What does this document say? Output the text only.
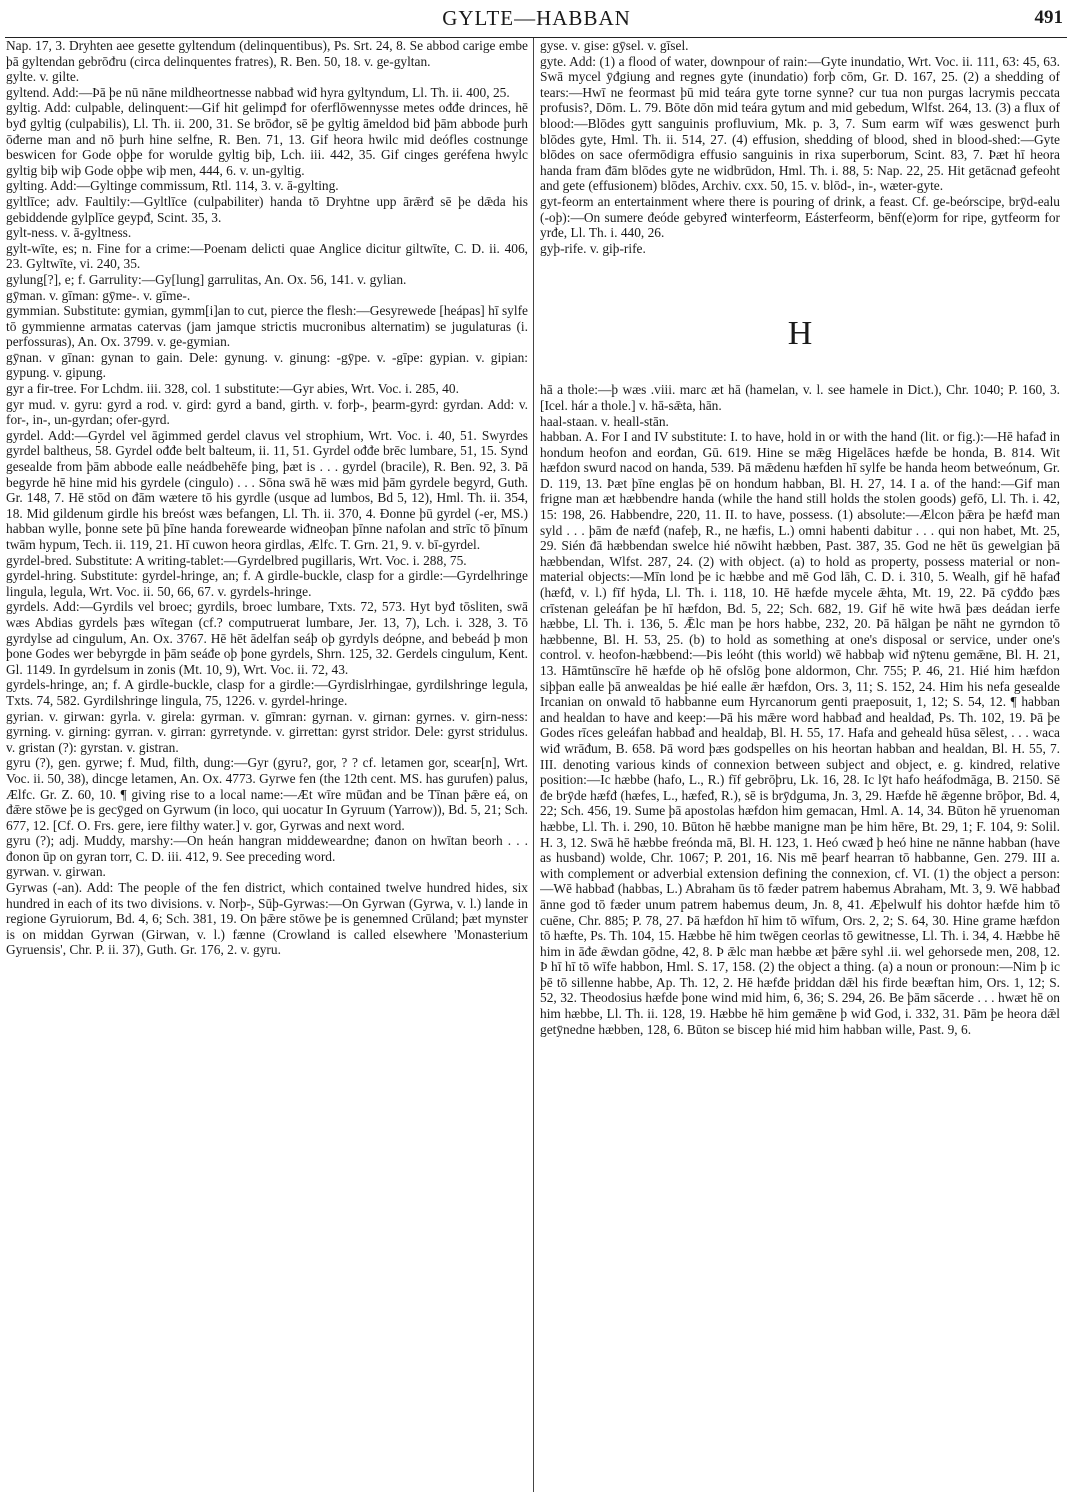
GYLTE—HABBAN	491

Nap. 17, 3. Dryhten aee gesette gyltendum (delinquentibus), Ps. Srt. 24, 8. Se abbod carige embe þā gyltendan gebrōđru (circa delinquentes fratres), R. Ben. 50, 18. v. ge-gyltan.

gylte. v. gilte.

gyltend. Add:—Þā þe nū nāne mildheortnesse nabbađ wiđ hyra gyltyndum, Ll. Th. ii. 400, 25.

gyltig. Add: culpable, delinquent:—Gif hit gelimpđ for oferflōwennysse metes ođđe drinces, hē byđ gyltig (culpabilis), Ll. Th. ii. 200, 31. Se brōđor, sē þe gyltig āmeldod biđ þām abbode þurh ōđerne man and nō þurh hine selfne, R. Ben. 71, 13. Gif heora hwilc mid deófles costnunge beswicen for Gode oþþe for worulde gyltig biþ, Lch. iii. 442, 35. Gif cinges geréfena hwylc gyltig biþ wiþ Gode oþþe wiþ men, 444, 6. v. un-gyltig.

gylting. Add:—Gyltinge commissum, Rtl. 114, 3. v. ā-gylting.

gyltlīce; adv. Faultily:—Gyltlīce (culpabiliter) handa tō Dryhtne upp ārǣrđ sē þe dǣda his gebiddende gylplīce geypđ, Scint. 35, 3.

gylt-ness. v. ā-gyltness.

gylt-wīte, es; n. Fine for a crime:—Poenam delicti quae Anglice dicitur giltwīte, C. D. ii. 406, 23. Gyltwīte, vi. 240, 35.

gylung[?], e; f. Garrulity:—Gy[lung] garrulitas, An. Ox. 56, 141. v. gylian.

gȳman. v. gīman: gȳme-. v. gīme-.

gymmian. Substitute: gymian, gymm[i]an to cut, pierce the flesh:—Gesyrewede [heápas] hī sylfe tō gymmienne armatas catervas (jam jamque strictis mucronibus alternatim) se jugulaturas (i. perfossuras), An. Ox. 3799. v. ge-gymian.

gȳnan. v gīnan: gynan to gain. Dele: gynung. v. ginung: -gȳpe. v. -gīpe: gypian. v. gipian: gypung. v. gipung.

gyr a fir-tree. For Lchdm. iii. 328, col. 1 substitute:—Gyr abies, Wrt. Voc. i. 285, 40.

gyr mud. v. gyru: gyrd a rod. v. gird: gyrd a band, girth. v. forþ-, þearm-gyrd: gyrdan. Add: v. for-, in-, un-gyrdan; ofer-gyrd.

gyrdel. Add:—Gyrdel vel āgimmed gerdel clavus vel strophium, Wrt. Voc. i. 40, 51. Swyrdes gyrdel baltheus, 58. Gyrdel ođđe belt balteum, ii. 11, 51. Gyrdel ođđe brēc lumbare, 51, 15. Synd gesealde from þām abbode ealle neádbehēfe þing, þæt is . . . gyrdel (bracile), R. Ben. 92, 3. Þā begyrde hē hine mid his gyrdele (cingulo) . . . Sōna swā hē wæs mid þām gyrdele begyrd, Guth. Gr. 148, 7. Hē stōd on đām wætere tō his gyrdle (usque ad lumbos, Bd 5, 12), Hml. Th. ii. 354, 18. Mid gildenum girdle his breóst wæs befangen, Ll. Th. ii. 370, 4. Đonne þū gyrdel (-er, MS.) habban wylle, þonne sete þū þīne handa forewearde wiđneoþan þīnne nafolan and strīc tō þīnum twām hypum, Tech. ii. 119, 21. Hī cuwon heora girdlas, Ælfc. T. Grn. 21, 9. v. bī-gyrdel.

gyrdel-bred. Substitute: A writing-tablet:—Gyrdelbred pugillaris, Wrt. Voc. i. 288, 75.

gyrdel-hring. Substitute: gyrdel-hringe, an; f. A girdle-buckle, clasp for a girdle:—Gyrdelhringe lingula, legula, Wrt. Voc. ii. 50, 66, 67. v. gyrdels-hringe.

gyrdels. Add:—Gyrdils vel broec; gyrdils, broec lumbare, Txts. 72, 573. Hyt byđ tōsliten, swā wæs Abdias gyrdels þæs wītegan (cf.? computruerat lumbare, Jer. 13, 7), Lch. i. 328, 3. Tō gyrdylse ad cingulum, An. Ox. 3767. Hē hēt ādelfan seáþ oþ gyrdyls deópne, and bebeád þ mon þone Godes wer bebyrgde in þām seáđe oþ þone gyrdels, Shrn. 125, 32. Gerdels cingulum, Kent. Gl. 1149. In gyrdelsum in zonis (Mt. 10, 9), Wrt. Voc. ii. 72, 43.

gyrdels-hringe, an; f. A girdle-buckle, clasp for a girdle:—Gyrdislrhingae, gyrdilshringe legula, Txts. 74, 582. Gyrdilshringe lingula, 75, 1226. v. gyrdel-hringe.

gyrian. v. girwan: gyrla. v. girela: gyrman. v. gīmran: gyrnan. v. girnan: gyrnes. v. girn-ness: gyrning. v. girning: gyrran. v. girran: gyrretynde. v. girrettan: gyrst stridor. Dele: gyrst stridulus. v. gristan (?): gyrstan. v. gistran.

gyru (?), gen. gyrwe; f. Mud, filth, dung:—Gyr (gyru?, gor, ? ? cf. letamen gor, scear[n], Wrt. Voc. ii. 50, 38), dincge letamen, An. Ox. 4773. Gyrwe fen (the 12th cent. MS. has gurufen) palus, Ælfc. Gr. Z. 60, 10. ¶ giving rise to a local name:—Æt wīre mūđan and be Tīnan þǣre eá, on đǣre stōwe þe is gecȳged on Gyrwum (in loco, qui uocatur In Gyruum (Yarrow)), Bd. 5, 21; Sch. 677, 12. [Cf. O. Frs. gere, iere filthy water.] v. gor, Gyrwas and next word.

gyru (?); adj. Muddy, marshy:—On heán hangran middeweardne; đanon on hwītan beorh . . . đonon ūp on gyran torr, C. D. iii. 412, 9. See preceding word.

gyrwan. v. girwan.

Gyrwas (-an). Add: The people of the fen district, which contained twelve hundred hides, six hundred in each of its two divisions. v. Norþ-, Sūþ-Gyrwas:—On Gyrwan (Gyrwa, v. l.) lande in regione Gyruiorum, Bd. 4, 6; Sch. 381, 19. On þǣre stōwe þe is genemned Crūland; þæt mynster is on middan Gyrwan (Girwan, v. l.) fænne (Crowland is called elsewhere 'Monasterium Gyruensis', Chr. P. ii. 37), Guth. Gr. 176, 2. v. gyru.

gyse. v. gise: gȳsel. v. gīsel.

gyte. Add: (1) a flood of water, downpour of rain:—Gyte inundatio, Wrt. Voc. ii. 111, 63: 45, 63. Swā mycel ȳđgiung and regnes gyte (inundatio) forþ cōm, Gr. D. 167, 25. (2) a shedding of tears:—Hwī ne feormast þū mid teára gyte torne synne? cur tua non purgas lacrymis peccata profusis?, Dōm. L. 79. Bōte dōn mid teára gytum and mid gebedum, Wlfst. 264, 13. (3) a flux of blood:—Blōdes gytt sanguinis profluvium, Mk. p. 3, 7. Sum earm wīf wæs geswenct þurh blōdes gyte, Hml. Th. ii. 514, 27. (4) effusion, shedding of blood, shed in blood-shed:—Gyte blōdes on sace ofermōdigra effusio sanguinis in rixa superborum, Scint. 83, 7. Þæt hī heora handa fram đām blōdes gyte ne widbrūdon, Hml. Th. i. 88, 5: Nap. 22, 25. Hit getācnađ gefeoht and gete (effusionem) blōdes, Archiv. cxx. 50, 15. v. blōd-, in-, wæter-gyte.

gyt-feorm an entertainment where there is pouring of drink, a feast. Cf. ge-beórscipe, brȳd-ealu (-oþ):—On sumere đeóde gebyređ winterfeorm, Eásterfeorm, bēnf(e)orm for ripe, gytfeorm for yrđe, Ll. Th. i. 440, 26.

gyþ-rife. v. giþ-rife.

H

hā a thole:—þ wæs .viii. marc æt hā (hamelan, v. l. see hamele in Dict.), Chr. 1040; P. 160, 3. [Icel. hár a thole.] v. hā-sǣta, hān.

haal-staan. v. heall-stān.

habban. A. For I and IV substitute: I. to have, hold in or with the hand (lit. or fig.):—Hē hafađ in hondum heofon and eorđan, Gū. 619. Hine se mǣg Higelāces hæfde be honda, B. 814. Wit hæfdon swurd nacod on handa, 539. Þā mǣdenu hæfden hī sylfe be handa heom betweónum, Gr. D. 119, 13. Þæt þīne englas þē on hondum habban, Bl. H. 27, 14. I a. of the hand:—Gif man frigne man æt hæbbendre handa (while the hand still holds the stolen goods) gefō, Ll. Th. i. 42, 15: 198, 26. Habbendre, 220, 11. II. to have, possess. (1) absolute:—Ælcon þǣra þe hæfđ man syld . . . þām đe næfđ (nafeþ, R., ne hæfis, L.) omni habenti dabitur . . . qui non habet, Mt. 25, 29. Sién đā hæbbendan swelce hié nōwiht hæbben, Past. 387, 35. God ne hēt ūs gewelgian þā hæbbendan, Wlfst. 287, 24. (2) with object. (a) to hold as property, possess material or non-material objects:—Mīn lond þe ic hæbbe and mē God lāh, C. D. i. 310, 5. Wealh, gif hē hafađ (hæfđ, v. l.) fīf hȳda, Ll. Th. i. 118, 10. Hē hæfde mycele ǣhta, Mt. 19, 22. Þā cȳđđo þæs crīstenan geleáfan þe hī hæfdon, Bd. 5, 22; Sch. 682, 19. Gif hē wite hwā þæs deádan ierfe hæbbe, Ll. Th. i. 136, 5. Ǣlc man þe hors habbe, 232, 20. Þā hālgan þe nāht ne gyrndon tō hæbbenne, Bl. H. 53, 25. (b) to hold as something at one's disposal or service, under one's control. v. heofon-hæbbend:—Þis leóht (this world) wē habbaþ wiđ nȳtenu gemǣne, Bl. H. 21, 13. Hāmtūnscīre hē hæfde oþ hē ofslōg þone aldormon, Chr. 755; P. 46, 21. Hié him hæfdon siþþan ealle þā anwealdas þe hié ealle ǣr hæfdon, Ors. 3, 11; S. 152, 24. Him his nefa gesealde Ircanian on onwald tō habbanne eum Hyrcanorum genti praeposuit, 1, 12; S. 54, 12. ¶ habban and healdan to have and keep:—Þā his mǣre word habbađ and healdađ, Ps. Th. 102, 19. Þā þe Godes rīces geleáfan habbađ and healdaþ, Bl. H. 55, 17. Hafa and geheald hūsa sēlest, . . . waca wiđ wrāđum, B. 658. Þā word þæs godspelles on his heortan habban and healdan, Bl. H. 55, 7. III. denoting various kinds of connexion between subject and object, e. g. kindred, relative position:—Ic hæbbe (hafo, L., R.) fīf gebrōþru, Lk. 16, 28. Ic lȳt hafo heáfodmāga, B. 2150. Sē đe brȳde hæfđ (hæfes, L., hæfeđ, R.), sē is brȳdguma, Jn. 3, 29. Hæfde hē ǣgenne brōþor, Bd. 4, 22; Sch. 456, 19. Sume þā apostolas hæfdon him gemacan, Hml. A. 14, 34. Būton hē yruenoman hæbbe, Ll. Th. i. 290, 10. Būton hē hæbbe manigne man þe him hēre, Bt. 29, 1; F. 104, 9: Solil. H. 3, 12. Swā hē hæbbe freónda mā, Bl. H. 123, 1. Heó cwæđ þ heó hine ne nānne habban (have as husband) wolde, Chr. 1067; P. 201, 16. Nis mē þearf hearran tō habbanne, Gen. 279. III a. with complement or adverbial extension defining the connexion, cf. VI. (1) the object a person:—Wē habbađ (habbas, L.) Abraham ūs tō fæder patrem habemus Abraham, Mt. 3, 9. Wē habbađ ānne god tō fæder unum patrem habemus deum, Jn. 8, 41. Æþelwulf his dohtor hæfde him tō cuēne, Chr. 885; P. 78, 27. Þā hæfdon hī him tō wīfum, Ors. 2, 2; S. 64, 30. Hine grame hæfdon tō hæfte, Ps. Th. 104, 15. Hæbbe hē him twēgen ceorlas tō gewitnesse, Ll. Th. i. 34, 4. Hæbbe hē him in āđe ǣwdan gōdne, 42, 8. Þ ǣlc man hæbbe æt þǣre syhl .ii. wel gehorsede men, 208, 12. Þ hī hī tō wīfe habbon, Hml. S. 17, 158. (2) the object a thing. (a) a noun or pronoun:—Nim þ ic þē tō sillenne habbe, Ap. Th. 12, 2. Hē hæfđe þriddan dǣl his firde beæftan him, Ors. 1, 12; S. 52, 32. Theodosius hæfde þone wind mid him, 6, 36; S. 294, 26. Be þām sācerde . . . hwæt hē on him hæbbe, Ll. Th. ii. 128, 19. Hæbbe hē him gemǣne þ wiđ God, i. 332, 31. Þām þe heora dǣl getȳnedne hæbben, 128, 6. Būton se biscep hié mid him habban wille, Past. 9, 6.
